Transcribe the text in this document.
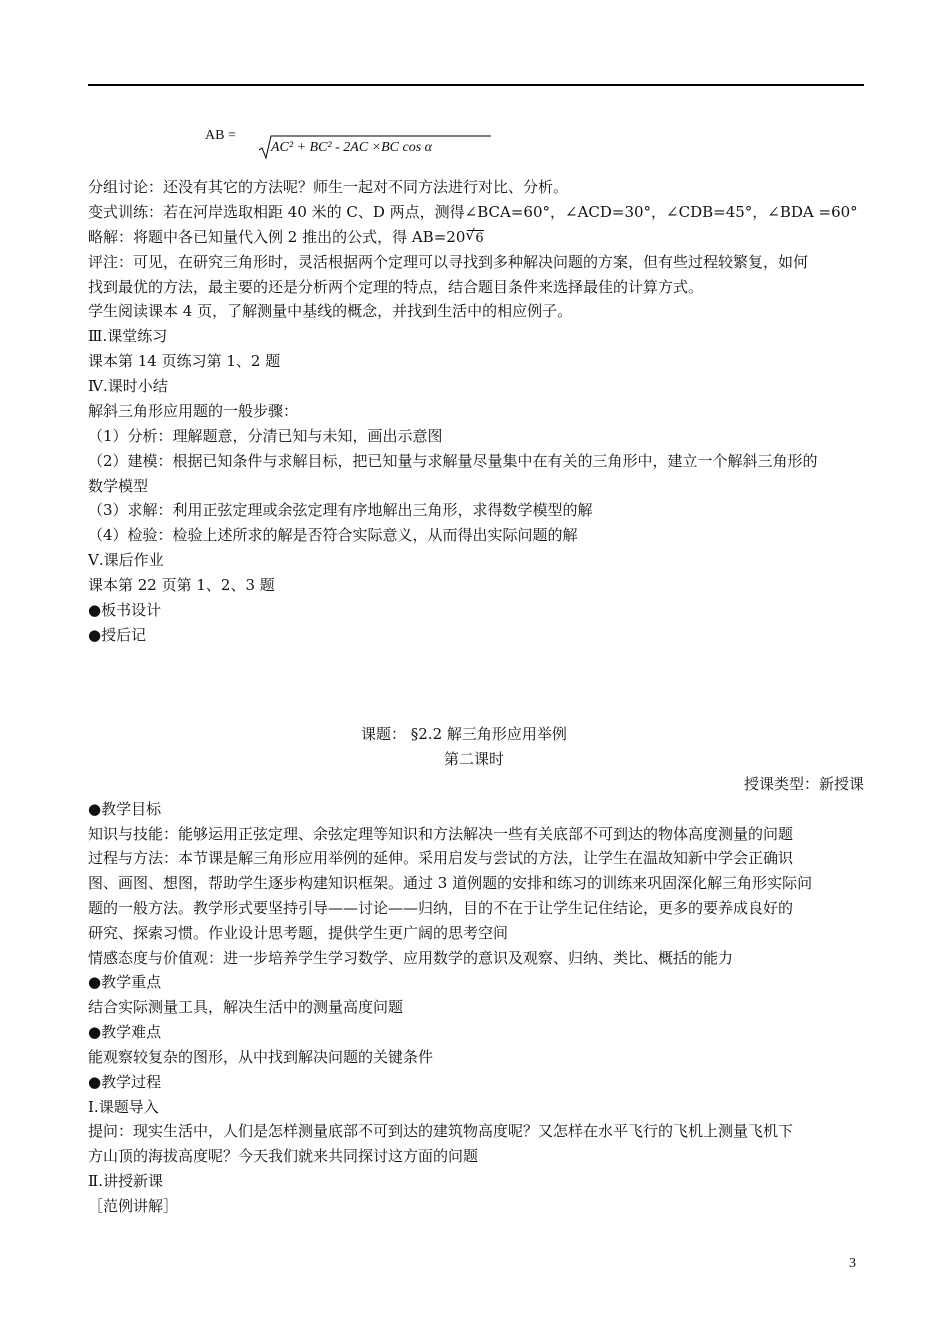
AB =
AC² + BC² - 2AC ×BC cos α
分组讨论：还没有其它的方法呢？师生一起对不同方法进行对比、分析。
变式训练：若在河岸选取相距 40 米的 C、D 两点，测得∠BCA=60°，∠ACD=30°，∠CDB=45°，∠BDA =60°
略解：将题中各已知量代入例 2 推出的公式，得 AB=20√ 6
评注：可见，在研究三角形时，灵活根据两个定理可以寻找到多种解决问题的方案，但有些过程较繁复，如何
找到最优的方法，最主要的还是分析两个定理的特点，结合题目条件来选择最佳的计算方式。
学生阅读课本 4 页，了解测量中基线的概念，并找到生活中的相应例子。
Ⅲ.课堂练习
课本第 14 页练习第 1、2 题
Ⅳ.课时小结
解斜三角形应用题的一般步骤：
（1）分析：理解题意，分清已知与未知，画出示意图
（2）建模：根据已知条件与求解目标，把已知量与求解量尽量集中在有关的三角形中，建立一个解斜三角形的
数学模型
（3）求解：利用正弦定理或余弦定理有序地解出三角形，求得数学模型的解
（4）检验：检验上述所求的解是否符合实际意义，从而得出实际问题的解
Ⅴ.课后作业
课本第 22 页第 1、2、3 题
●板书设计
●授后记
课题： §2.2 解三角形应用举例
第二课时
授课类型：新授课
●教学目标
知识与技能：能够运用正弦定理、余弦定理等知识和方法解决一些有关底部不可到达的物体高度测量的问题
过程与方法：本节课是解三角形应用举例的延伸。采用启发与尝试的方法，让学生在温故知新中学会正确识
图、画图、想图，帮助学生逐步构建知识框架。通过 3 道例题的安排和练习的训练来巩固深化解三角形实际问
题的一般方法。教学形式要坚持引导——讨论——归纳，目的不在于让学生记住结论，更多的要养成良好的
研究、探索习惯。作业设计思考题，提供学生更广阔的思考空间
情感态度与价值观：进一步培养学生学习数学、应用数学的意识及观察、归纳、类比、概括的能力
●教学重点
结合实际测量工具，解决生活中的测量高度问题
●教学难点
能观察较复杂的图形，从中找到解决问题的关键条件
●教学过程
Ⅰ.课题导入
提问：现实生活中，人们是怎样测量底部不可到达的建筑物高度呢？又怎样在水平飞行的飞机上测量飞机下
方山顶的海拔高度呢？今天我们就来共同探讨这方面的问题
Ⅱ.讲授新课
［范例讲解］
3
